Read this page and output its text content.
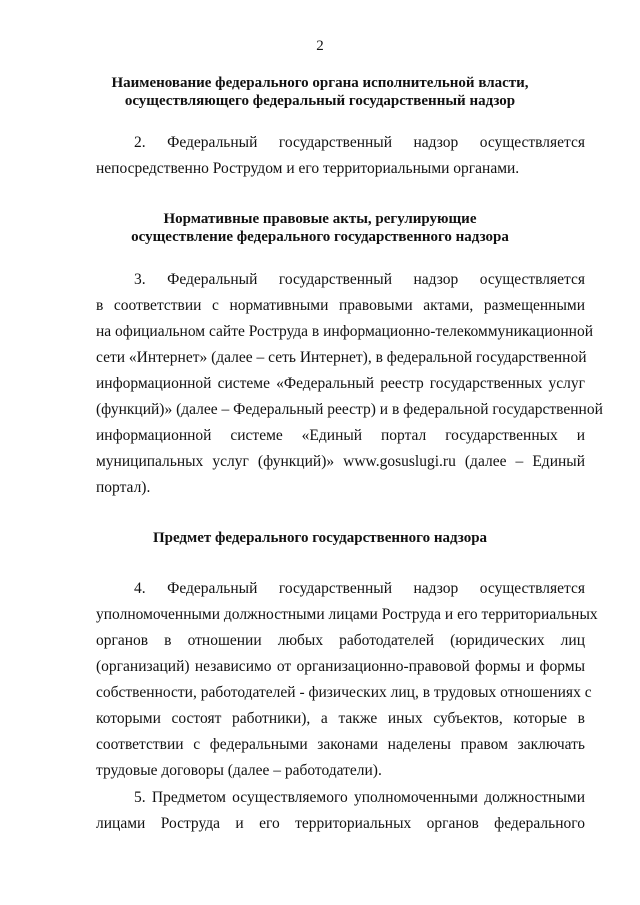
2
Наименование федерального органа исполнительной власти,
осуществляющего федеральный государственный надзор
2. Федеральный государственный надзор осуществляется
непосредственно Рострудом и его территориальными органами.
Нормативные правовые акты, регулирующие
осуществление федерального государственного надзора
3. Федеральный государственный надзор осуществляется
в соответствии с нормативными правовыми актами, размещенными
на официальном сайте Роструда в информационно-телекоммуникационной
сети «Интернет» (далее – сеть Интернет), в федеральной государственной
информационной системе «Федеральный реестр государственных услуг
(функций)» (далее – Федеральный реестр) и в федеральной государственной
информационной системе «Единый портал государственных и
муниципальных услуг (функций)» www.gosuslugi.ru (далее – Единый
портал).
Предмет федерального государственного надзора
4. Федеральный государственный надзор осуществляется
уполномоченными должностными лицами Роструда и его территориальных
органов в отношении любых работодателей (юридических лиц
(организаций) независимо от организационно-правовой формы и формы
собственности, работодателей - физических лиц, в трудовых отношениях с
которыми состоят работники), а также иных субъектов, которые в
соответствии с федеральными законами наделены правом заключать
трудовые договоры (далее – работодатели).
5. Предметом осуществляемого уполномоченными должностными
лицами Роструда и его территориальных органов федерального
